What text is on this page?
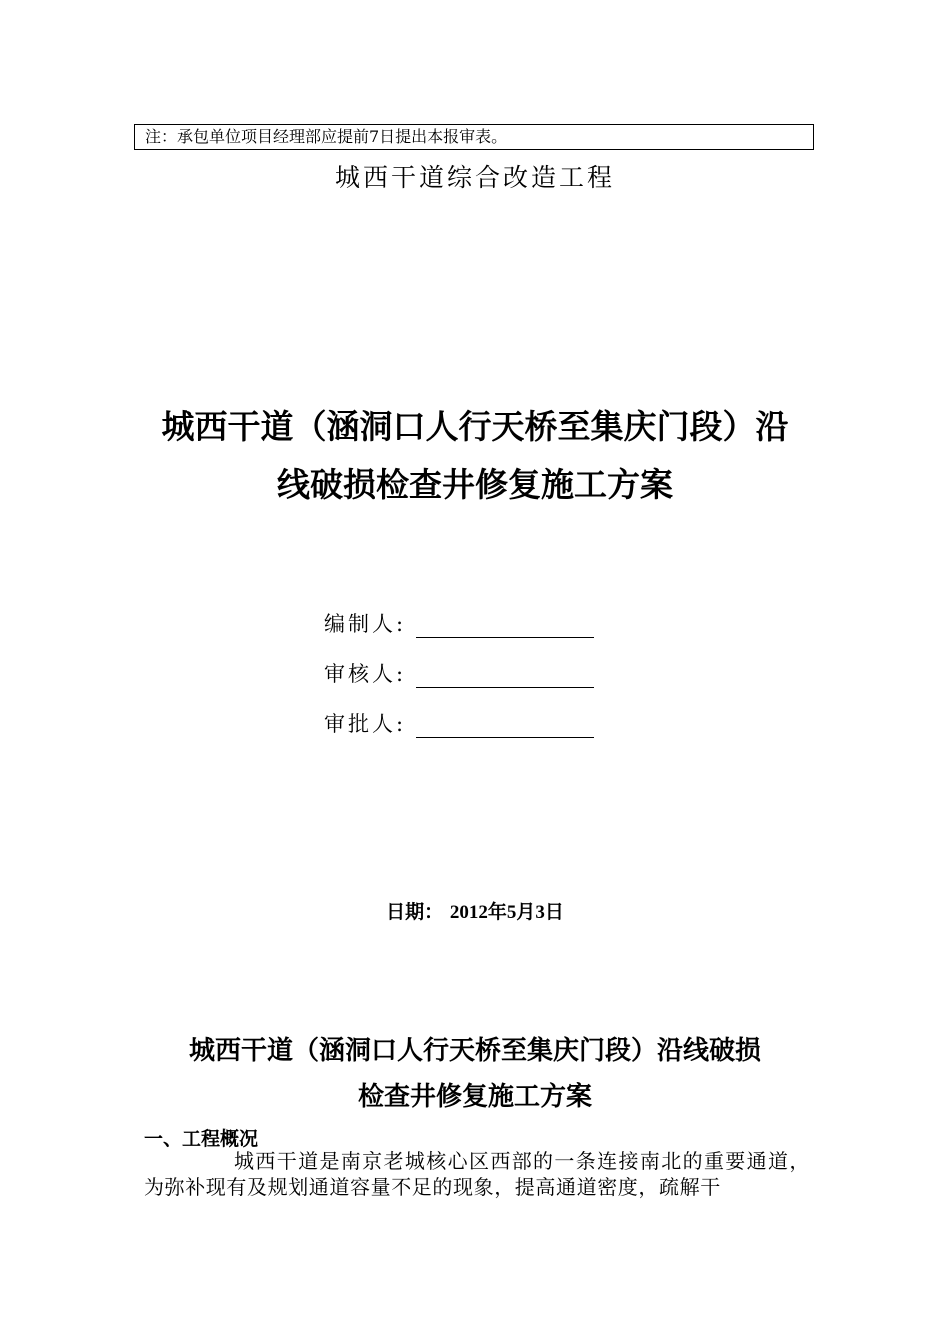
注：承包单位项目经理部应提前7日提出本报审表。
城西干道综合改造工程
城西干道（涵洞口人行天桥至集庆门段）沿
线破损检查井修复施工方案
编制人:
审核人:
审批人:
日期： 2012年5月3日
城西干道（涵洞口人行天桥至集庆门段）沿线破损
检查井修复施工方案
一、工程概况
城西干道是南京老城核心区西部的一条连接南北的重要通道，为弥补现有及规划通道容量不足的现象，提高通道密度，疏解干
